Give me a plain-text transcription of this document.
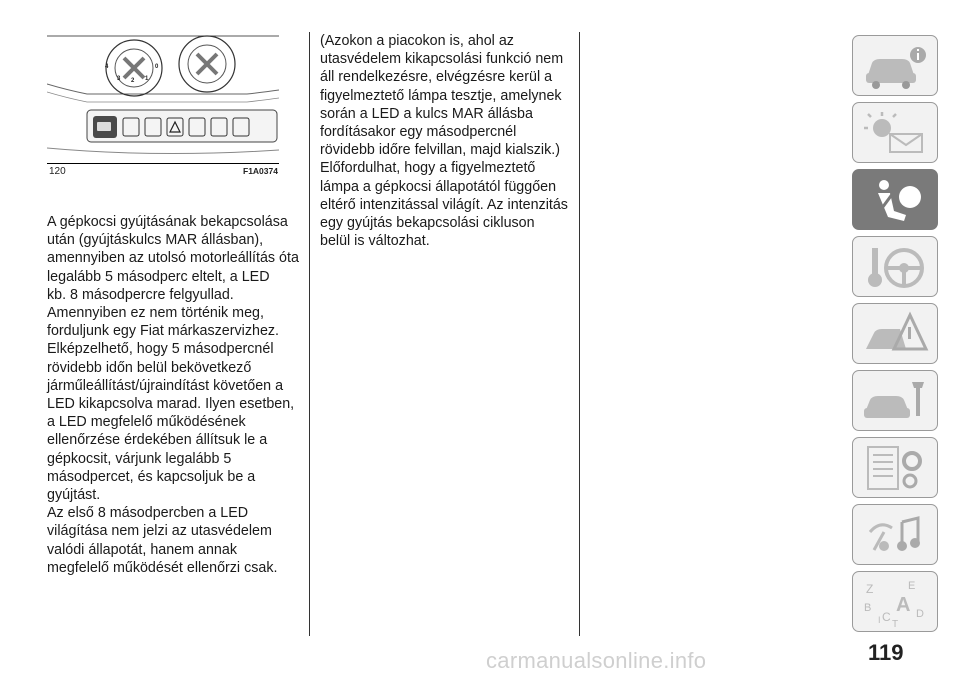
4
3 2 1
0
120	F1A0374
A gépkocsi gyújtásának bekapcsolása
után (gyújtáskulcs MAR állásban),
amennyiben az utolsó motorleállítás óta
legalább 5 másodperc eltelt, a LED
kb. 8 másodpercre felgyullad.
Amennyiben ez nem történik meg,
forduljunk egy Fiat márkaszervizhez.
Elképzelhető, hogy 5 másodpercnél
rövidebb időn belül bekövetkező
járműleállítást/újraindítást követően a
LED kikapcsolva marad. Ilyen esetben,
a LED megfelelő működésének
ellenőrzése érdekében állítsuk le a
gépkocsit, várjunk legalább 5
másodpercet, és kapcsoljuk be a
gyújtást.
Az első 8 másodpercben a LED
világítása nem jelzi az utasvédelem
valódi állapotát, hanem annak
megfelelő működését ellenőrzi csak.
(Azokon a piacokon is, ahol az
utasvédelem kikapcsolási funkció nem
áll rendelkezésre, elvégzésre kerül a
figyelmeztető lámpa tesztje, amelynek
során a LED a kulcs MAR állásba
fordításakor egy másodpercnél
rövidebb időre felvillan, majd kialszik.)
Előfordulhat, hogy a figyelmeztető
lámpa a gépkocsi állapotától függően
eltérő intenzitással világít. Az intenzitás
egy gyújtás bekapcsolási cikluson
belül is változhat.
Z	E
B A
C D
T
I
119
carmanualsonline.info
